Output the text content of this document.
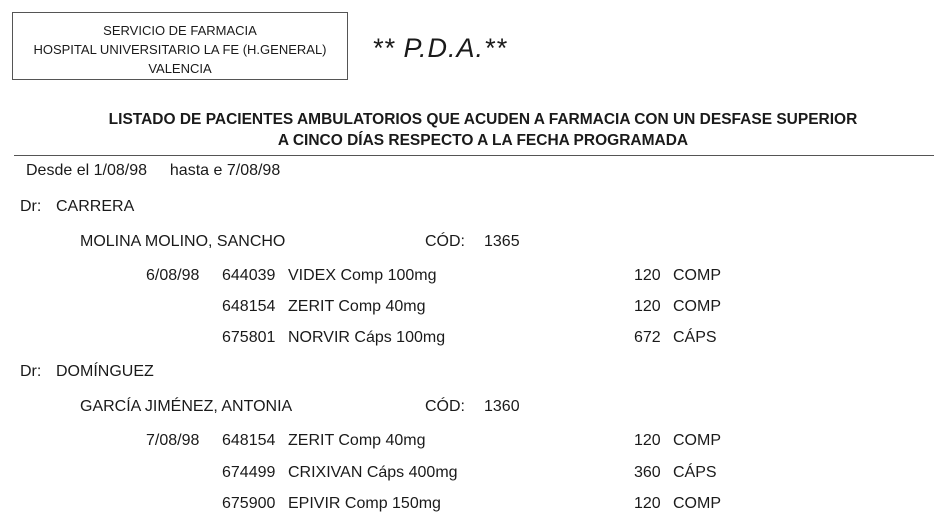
SERVICIO DE FARMACIA
HOSPITAL UNIVERSITARIO LA FE (H.GENERAL)
VALENCIA
** P.D.A.**
LISTADO DE PACIENTES AMBULATORIOS QUE ACUDEN A FARMACIA CON UN DESFASE SUPERIOR
A CINCO DÍAS RESPECTO A LA FECHA PROGRAMADA
Desde el 1/08/98 hasta e 7/08/98
Dr: CARRERA
MOLINA MOLINO, SANCHO	CÓD: 1365
6/08/98 644039 VIDEX Comp 100mg	120 COMP
648154 ZERIT Comp 40mg	120 COMP
675801 NORVIR Cáps 100mg	672 CÁPS
Dr: DOMÍNGUEZ
GARCÍA JIMÉNEZ, ANTONIA	CÓD: 1360
7/08/98 648154 ZERIT Comp 40mg	120 COMP
674499 CRIXIVAN Cáps 400mg	360 CÁPS
675900 EPIVIR Comp 150mg	120 COMP
